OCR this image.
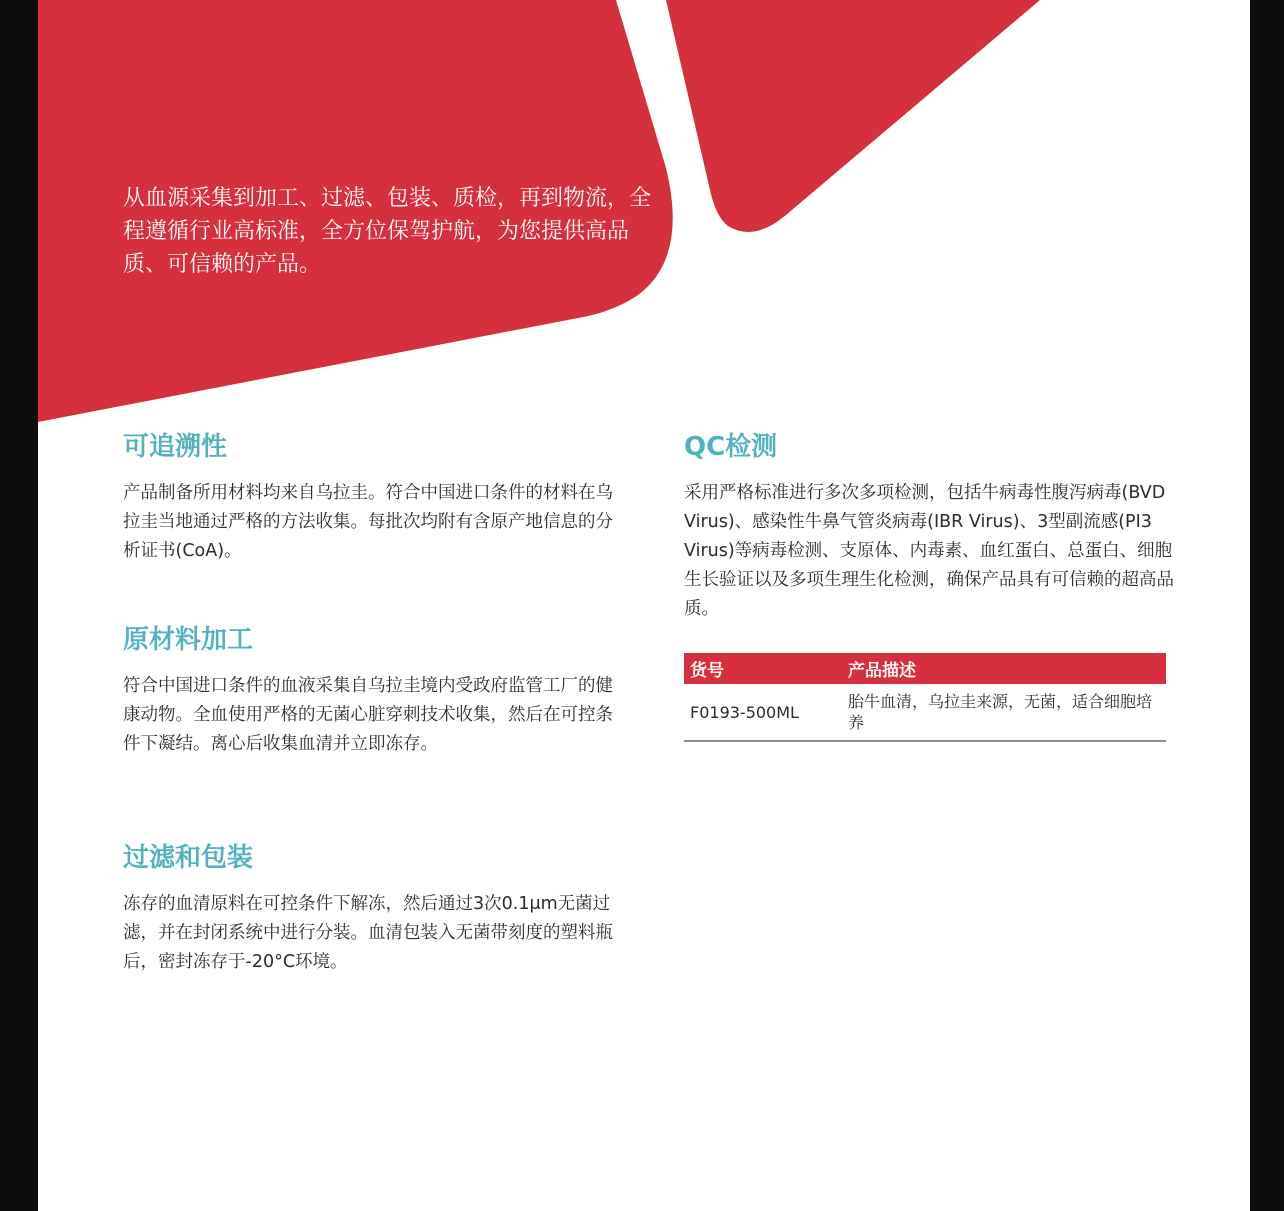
从血源采集到加工、过滤、包装、质检，再到物流，全程遵循行业高标准，全方位保驾护航，为您提供高品质、可信赖的产品。
可追溯性

产品制备所用材料均来自乌拉圭。符合中国进口条件的材料在乌拉圭当地通过严格的方法收集。每批次均附有含原产地信息的分析证书(CoA)。

原材料加工

符合中国进口条件的血液采集自乌拉圭境内受政府监管工厂的健康动物。全血使用严格的无菌心脏穿刺技术收集，然后在可控条件下凝结。离心后收集血清并立即冻存。

过滤和包装

冻存的血清原料在可控条件下解冻，然后通过3次0.1μm无菌过滤，并在封闭系统中进行分装。血清包装入无菌带刻度的塑料瓶后，密封冻存于-20°C环境。

QC检测

采用严格标准进行多次多项检测，包括牛病毒性腹泻病毒(BVD Virus)、感染性牛鼻气管炎病毒(IBR Virus)、3型副流感(PI3 Virus)等病毒检测、支原体、内毒素、血红蛋白、总蛋白、细胞生长验证以及多项生理生化检测，确保产品具有可信赖的超高品质。

货号	产品描述
F0193-500ML	胎牛血清，乌拉圭来源，无菌，适合细胞培养
